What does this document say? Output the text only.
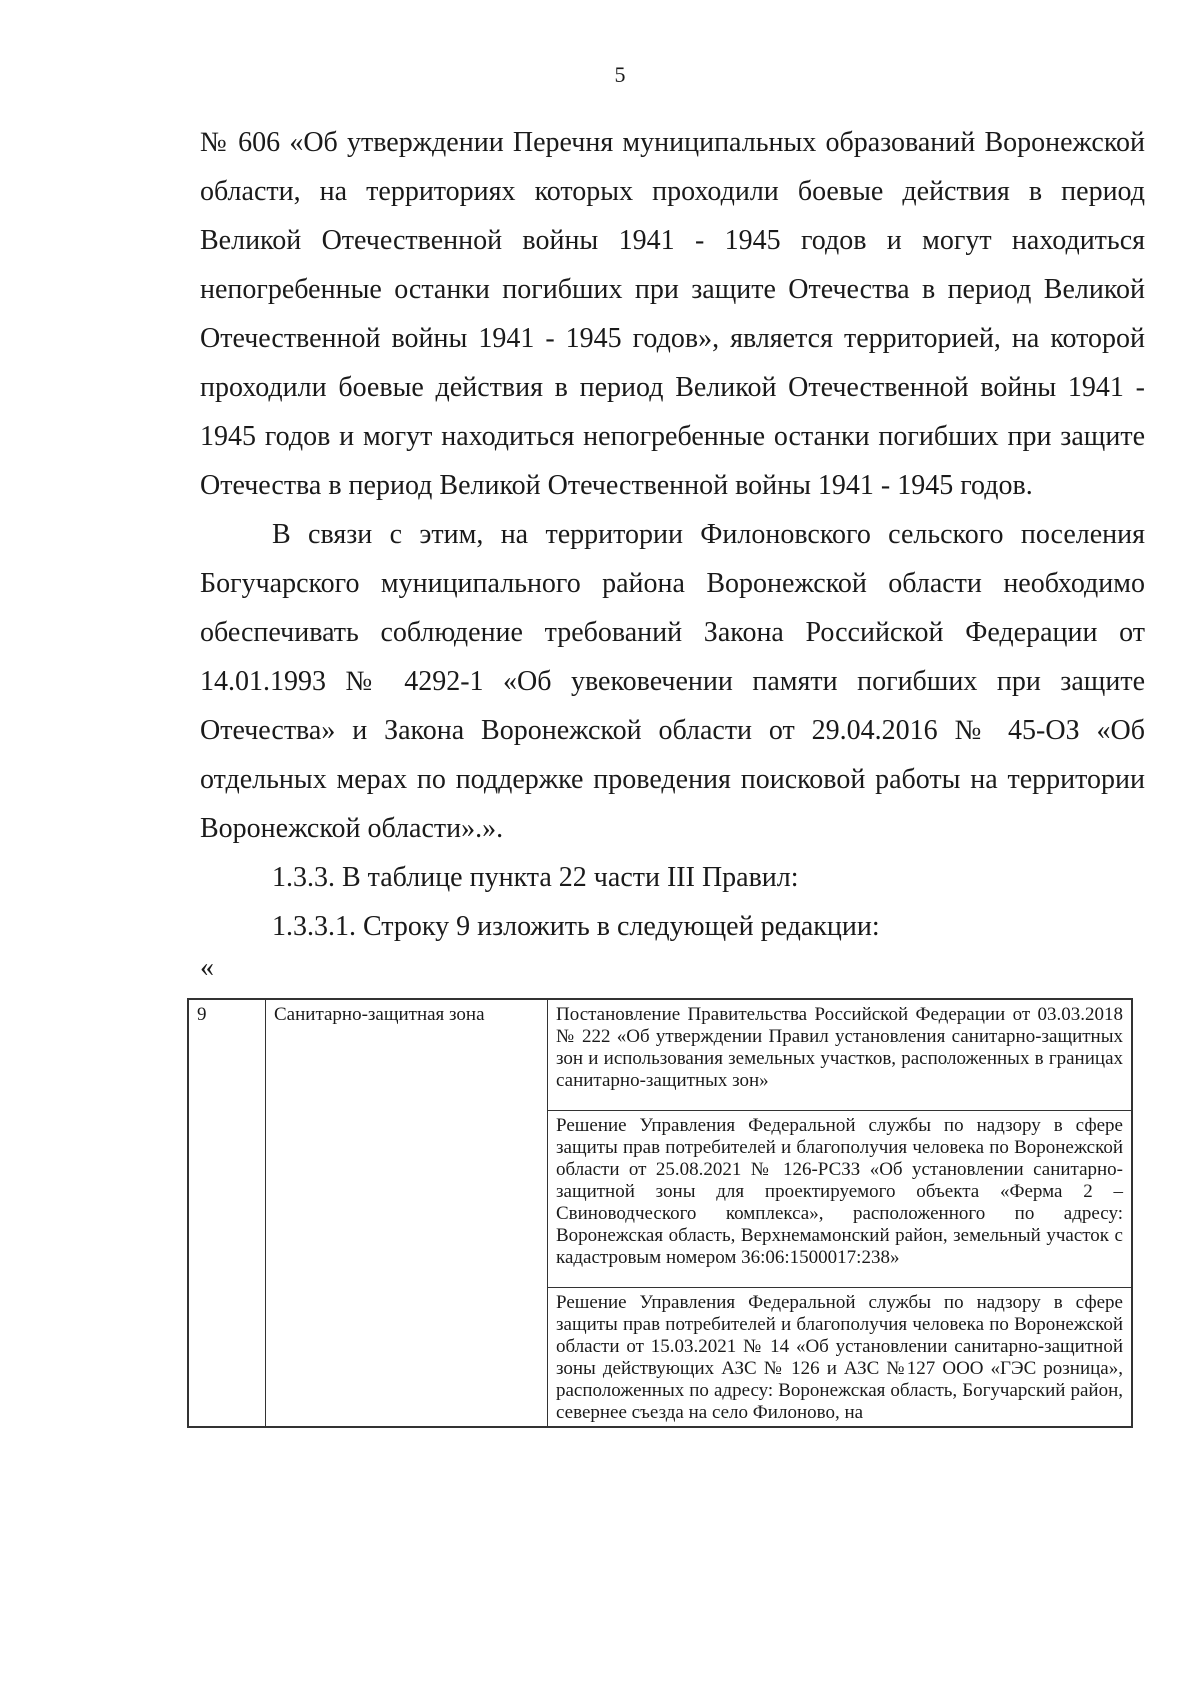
5

№ 606 «Об утверждении Перечня муниципальных образований Воронежской области, на территориях которых проходили боевые действия в период Великой Отечественной войны 1941 - 1945 годов и могут находиться непогребенные останки погибших при защите Отечества в период Великой Отечественной войны 1941 - 1945 годов», является территорией, на которой проходили боевые действия в период Великой Отечественной войны 1941 - 1945 годов и могут находиться непогребенные останки погибших при защите Отечества в период Великой Отечественной войны 1941 - 1945 годов.

В связи с этим, на территории Филоновского сельского поселения Богучарского муниципального района Воронежской области необходимо обеспечивать соблюдение требований Закона Российской Федерации от 14.01.1993 № 4292-1 «Об увековечении памяти погибших при защите Отечества» и Закона Воронежской области от 29.04.2016 № 45-ОЗ «Об отдельных мерах по поддержке проведения поисковой работы на территории Воронежской области».».

1.3.3. В таблице пункта 22 части III Правил:

1.3.3.1. Строку 9 изложить в следующей редакции:

«
9	Санитарно-защитная зона	Постановление Правительства Российской Федерации от 03.03.2018 № 222 «Об утверждении Правил установления санитарно-защитных зон и использования земельных участков, расположенных в границах санитарно-защитных зон»
Решение Управления Федеральной службы по надзору в сфере защиты прав потребителей и благополучия человека по Воронежской области от 25.08.2021 № 126-РСЗЗ «Об установлении санитарно-защитной зоны для проектируемого объекта «Ферма 2 – Свиноводческого комплекса», расположенного по адресу: Воронежская область, Верхнемамонский район, земельный участок с кадастровым номером 36:06:1500017:238»
Решение Управления Федеральной службы по надзору в сфере защиты прав потребителей и благополучия человека по Воронежской области от 15.03.2021 № 14 «Об установлении санитарно-защитной зоны действующих АЗС № 126 и АЗС №127 ООО «ГЭС розница», расположенных по адресу: Воронежская область, Богучарский район, севернее съезда на село Филоново, на
